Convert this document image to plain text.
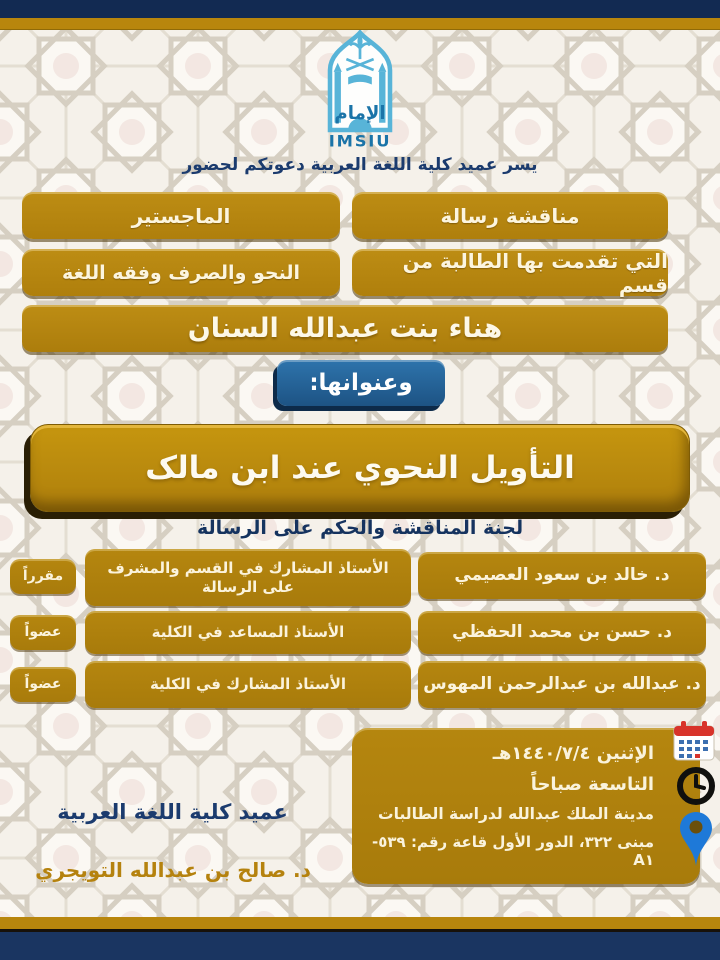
الإمام
IMSIU
يسر عميد كلية اللغة العربية دعوتكم لحضور
مناقشة رسالة
الماجستير
التي تقدمت بها الطالبة من قسم
النحو والصرف وفقه اللغة
هناء بنت عبدالله السنان
وعنوانها:
التأويل النحوي عند ابن مالک
لجنة المناقشة والحكم على الرسالة
د. خالد بن سعود العصيمي
الأستاذ المشارك في القسم والمشرف على الرسالة
مقرراً
د. حسن بن محمد الحفظي
الأستاذ المساعد في الكلية
عضواً
د. عبدالله بن عبدالرحمن المهوس
الأستاذ المشارك في الكلية
عضواً
الإثنين ١٤٤٠/٧/٤هـ
التاسعة صباحاً
مدينة الملك عبدالله لدراسة الطالبات
مبنى ٣٢٢، الدور الأول قاعة رقم: ٥٣٩-A١
عميد كلية اللغة العربية
د. صالح بن عبدالله التويجري
